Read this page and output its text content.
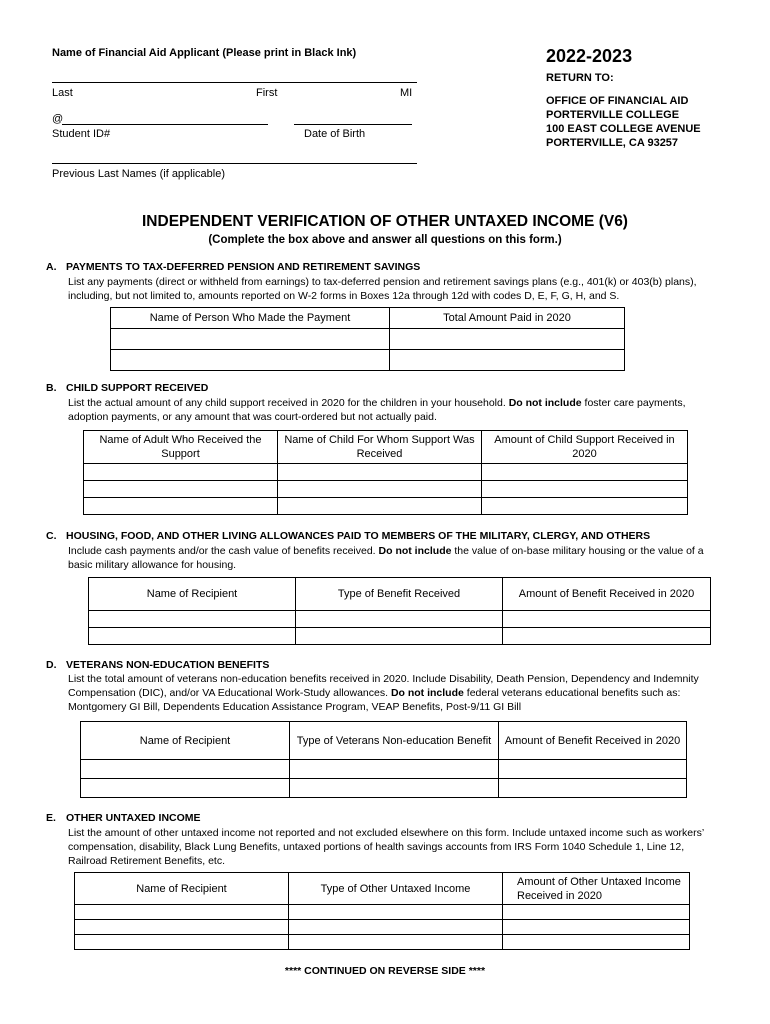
Name of Financial Aid Applicant (Please print in Black Ink)
Last	First	MI
@
Student ID#	Date of Birth
Previous Last Names (if applicable)
2022-2023
RETURN TO:
OFFICE OF FINANCIAL AID
PORTERVILLE COLLEGE
100 EAST COLLEGE AVENUE
PORTERVILLE, CA 93257
INDEPENDENT VERIFICATION OF OTHER UNTAXED INCOME (V6)
(Complete the box above and answer all questions on this form.)
A. PAYMENTS TO TAX-DEFERRED PENSION AND RETIREMENT SAVINGS
List any payments (direct or withheld from earnings) to tax-deferred pension and retirement savings plans (e.g., 401(k) or 403(b) plans), including, but not limited to, amounts reported on W-2 forms in Boxes 12a through 12d with codes D, E, F, G, H, and S.
Name of Person Who Made the Payment	Total Amount Paid in 2020

B. CHILD SUPPORT RECEIVED
List the actual amount of any child support received in 2020 for the children in your household. Do not include foster care payments, adoption payments, or any amount that was court-ordered but not actually paid.
Name of Adult Who Received the Support	Name of Child For Whom Support Was Received	Amount of Child Support Received in 2020

C. HOUSING, FOOD, AND OTHER LIVING ALLOWANCES PAID TO MEMBERS OF THE MILITARY, CLERGY, AND OTHERS
Include cash payments and/or the cash value of benefits received. Do not include the value of on-base military housing or the value of a basic military allowance for housing.
Name of Recipient	Type of Benefit Received	Amount of Benefit Received in 2020

D. VETERANS NON-EDUCATION BENEFITS
List the total amount of veterans non-education benefits received in 2020. Include Disability, Death Pension, Dependency and Indemnity Compensation (DIC), and/or VA Educational Work-Study allowances. Do not include federal veterans educational benefits such as: Montgomery GI Bill, Dependents Education Assistance Program, VEAP Benefits, Post-9/11 GI Bill
Name of Recipient	Type of Veterans Non-education Benefit	Amount of Benefit Received in 2020

E. OTHER UNTAXED INCOME
List the amount of other untaxed income not reported and not excluded elsewhere on this form. Include untaxed income such as workers’ compensation, disability, Black Lung Benefits, untaxed portions of health savings accounts from IRS Form 1040 Schedule 1, Line 12, Railroad Retirement Benefits, etc.
Name of Recipient	Type of Other Untaxed Income	Amount of Other Untaxed Income Received in 2020

**** CONTINUED ON REVERSE SIDE ****
